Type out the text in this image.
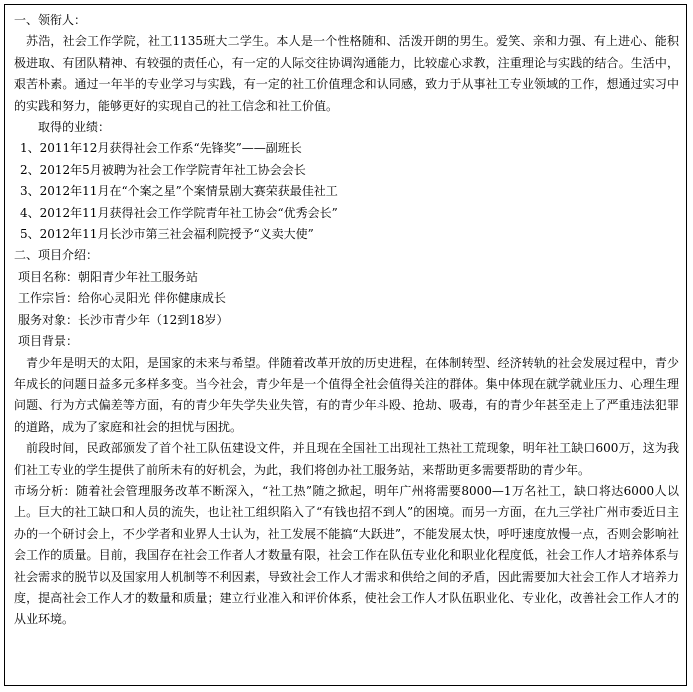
一、领衔人：
苏浩，社会工作学院，社工1135班大二学生。本人是一个性格随和、活泼开朗的男生。爱笑、亲和力强、有上进心、能积极进取、有团队精神、有较强的责任心，有一定的人际交往协调沟通能力，比较虚心求教，注重理论与实践的结合。生活中，艰苦朴素。通过一年半的专业学习与实践，有一定的社工价值理念和认同感，致力于从事社工专业领域的工作，想通过实习中的实践和努力，能够更好的实现自己的社工信念和社工价值。
取得的业绩：
1、2011年12月获得社会工作系“先锋奖”——副班长
2、2012年5月被聘为社会工作学院青年社工协会会长
3、2012年11月在“个案之星”个案情景剧大赛荣获最佳社工
4、2012年11月获得社会工作学院青年社工协会“优秀会长”
5、2012年11月长沙市第三社会福利院授予“义卖大使”
二、项目介绍：
项目名称：朝阳青少年社工服务站
工作宗旨：给你心灵阳光 伴你健康成长
服务对象：长沙市青少年（12到18岁）
项目背景：
青少年是明天的太阳，是国家的未来与希望。伴随着改革开放的历史进程，在体制转型、经济转轨的社会发展过程中，青少年成长的问题日益多元多样多变。当今社会，青少年是一个值得全社会值得关注的群体。集中体现在就学就业压力、心理生理问题、行为方式偏差等方面，有的青少年失学失业失管，有的青少年斗殴、抢劫、吸毒，有的青少年甚至走上了严重违法犯罪的道路，成为了家庭和社会的担忧与困扰。
前段时间，民政部颁发了首个社工队伍建设文件，并且现在全国社工出现社工热社工荒现象，明年社工缺口600万，这为我们社工专业的学生提供了前所未有的好机会，为此，我们将创办社工服务站，来帮助更多需要帮助的青少年。
市场分析：随着社会管理服务改革不断深入，“社工热”随之掀起，明年广州将需要8000—1万名社工，缺口将达6000人以上。巨大的社工缺口和人员的流失，也让社工组织陷入了“有钱也招不到人”的困境。而另一方面，在九三学社广州市委近日主办的一个研讨会上，不少学者和业界人士认为，社工发展不能搞“大跃进”，不能发展太快，呼吁速度放慢一点，否则会影响社会工作的质量。目前，我国存在社会工作者人才数量有限，社会工作在队伍专业化和职业化程度低，社会工作人才培养体系与社会需求的脱节以及国家用人机制等不利因素，导致社会工作人才需求和供给之间的矛盾，因此需要加大社会工作人才培养力度，提高社会工作人才的数量和质量；建立行业准入和评价体系，使社会工作人才队伍职业化、专业化，改善社会工作人才的从业环境。
